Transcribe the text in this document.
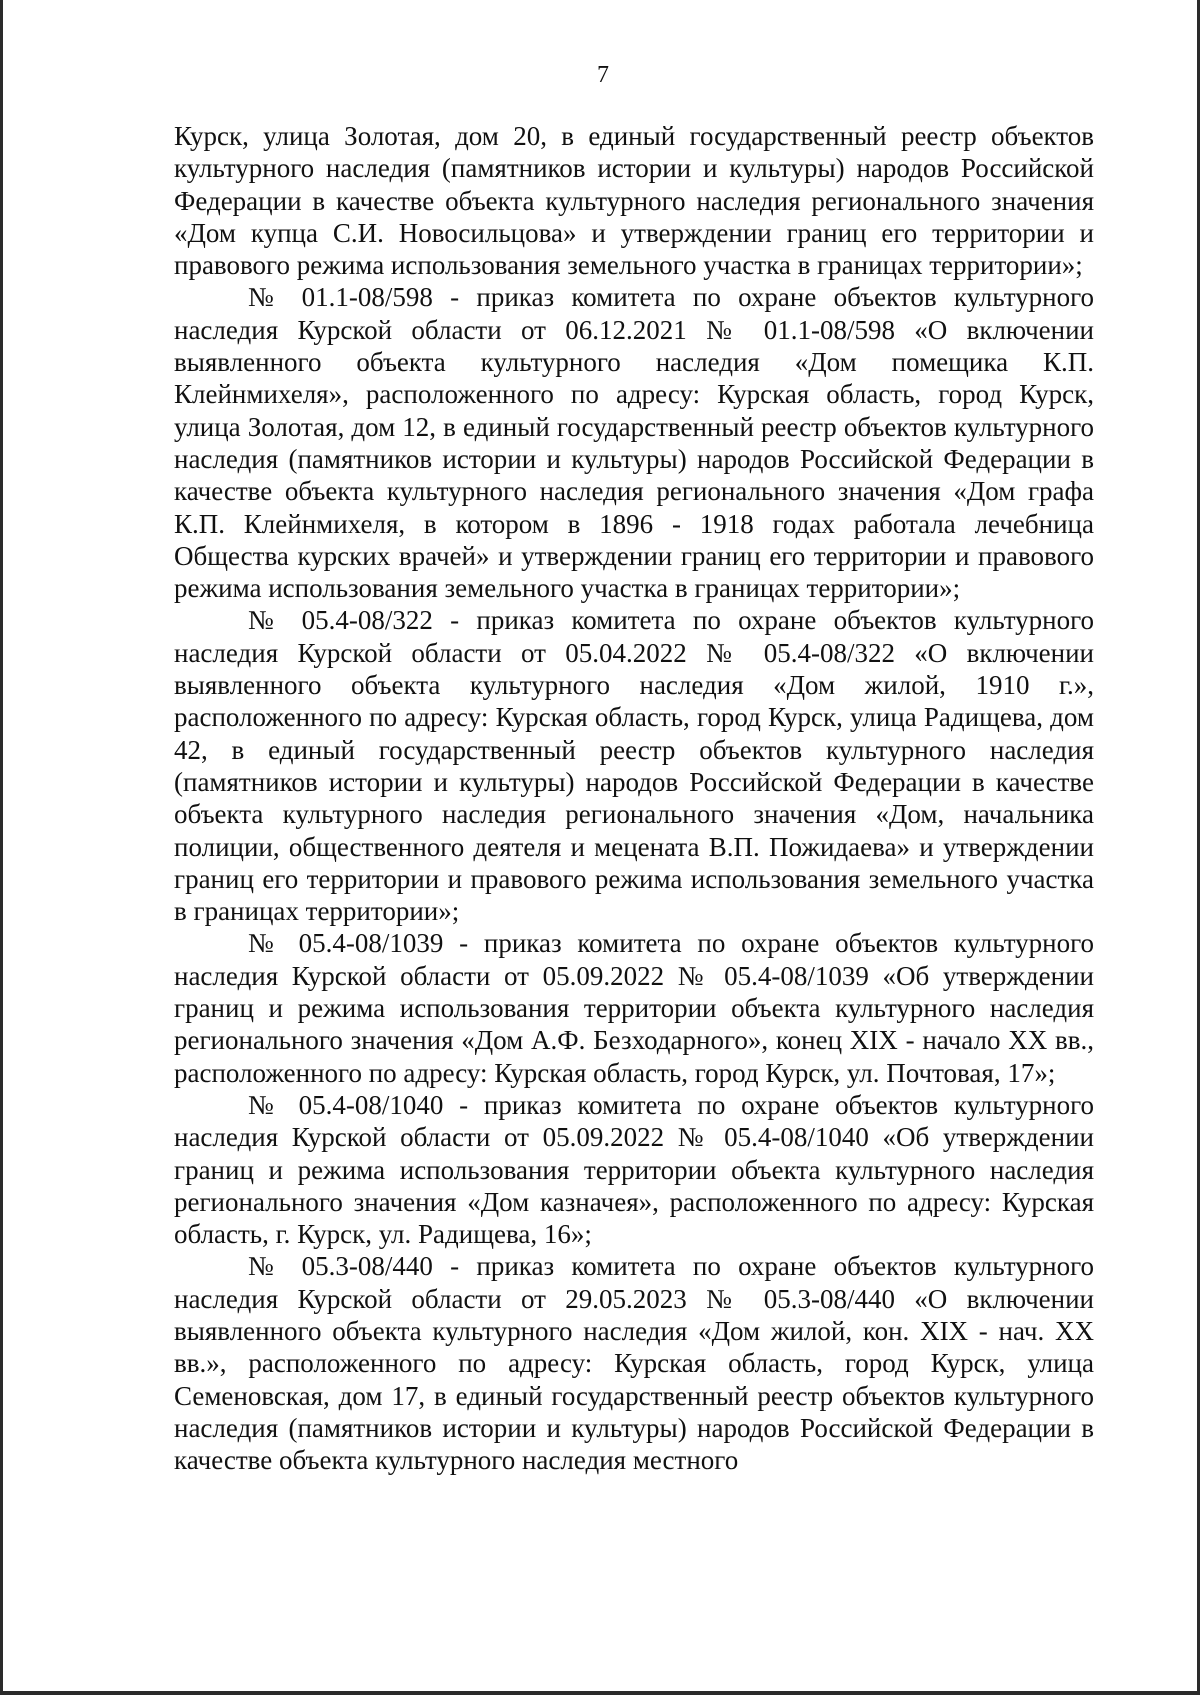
7

Курск, улица Золотая, дом 20, в единый государственный реестр объектов культурного наследия (памятников истории и культуры) народов Российской Федерации в качестве объекта культурного наследия регионального значения «Дом купца С.И. Новосильцова» и утверждении границ его территории и правового режима использования земельного участка в границах территории»;

№ 01.1-08/598 - приказ комитета по охране объектов культурного наследия Курской области от 06.12.2021 № 01.1-08/598 «О включении выявленного объекта культурного наследия «Дом помещика К.П. Клейнмихеля», расположенного по адресу: Курская область, город Курск, улица Золотая, дом 12, в единый государственный реестр объектов культурного наследия (памятников истории и культуры) народов Российской Федерации в качестве объекта культурного наследия регионального значения «Дом графа К.П. Клейнмихеля, в котором в 1896 - 1918 годах работала лечебница Общества курских врачей» и утверждении границ его территории и правового режима использования земельного участка в границах территории»;

№ 05.4-08/322 - приказ комитета по охране объектов культурного наследия Курской области от 05.04.2022 № 05.4-08/322 «О включении выявленного объекта культурного наследия «Дом жилой, 1910 г.», расположенного по адресу: Курская область, город Курск, улица Радищева, дом 42, в единый государственный реестр объектов культурного наследия (памятников истории и культуры) народов Российской Федерации в качестве объекта культурного наследия регионального значения «Дом, начальника полиции, общественного деятеля и мецената В.П. Пожидаева» и утверждении границ его территории и правового режима использования земельного участка в границах территории»;

№ 05.4-08/1039 - приказ комитета по охране объектов культурного наследия Курской области от 05.09.2022 № 05.4-08/1039 «Об утверждении границ и режима использования территории объекта культурного наследия регионального значения «Дом А.Ф. Безходарного», конец XIX - начало XX вв., расположенного по адресу: Курская область, город Курск, ул. Почтовая, 17»;

№ 05.4-08/1040 - приказ комитета по охране объектов культурного наследия Курской области от 05.09.2022 № 05.4-08/1040 «Об утверждении границ и режима использования территории объекта культурного наследия регионального значения «Дом казначея», расположенного по адресу: Курская область, г. Курск, ул. Радищева, 16»;

№ 05.3-08/440 - приказ комитета по охране объектов культурного наследия Курской области от 29.05.2023 № 05.3-08/440 «О включении выявленного объекта культурного наследия «Дом жилой, кон. XIX - нач. XX вв.», расположенного по адресу: Курская область, город Курск, улица Семеновская, дом 17, в единый государственный реестр объектов культурного наследия (памятников истории и культуры) народов Российской Федерации в качестве объекта культурного наследия местного
